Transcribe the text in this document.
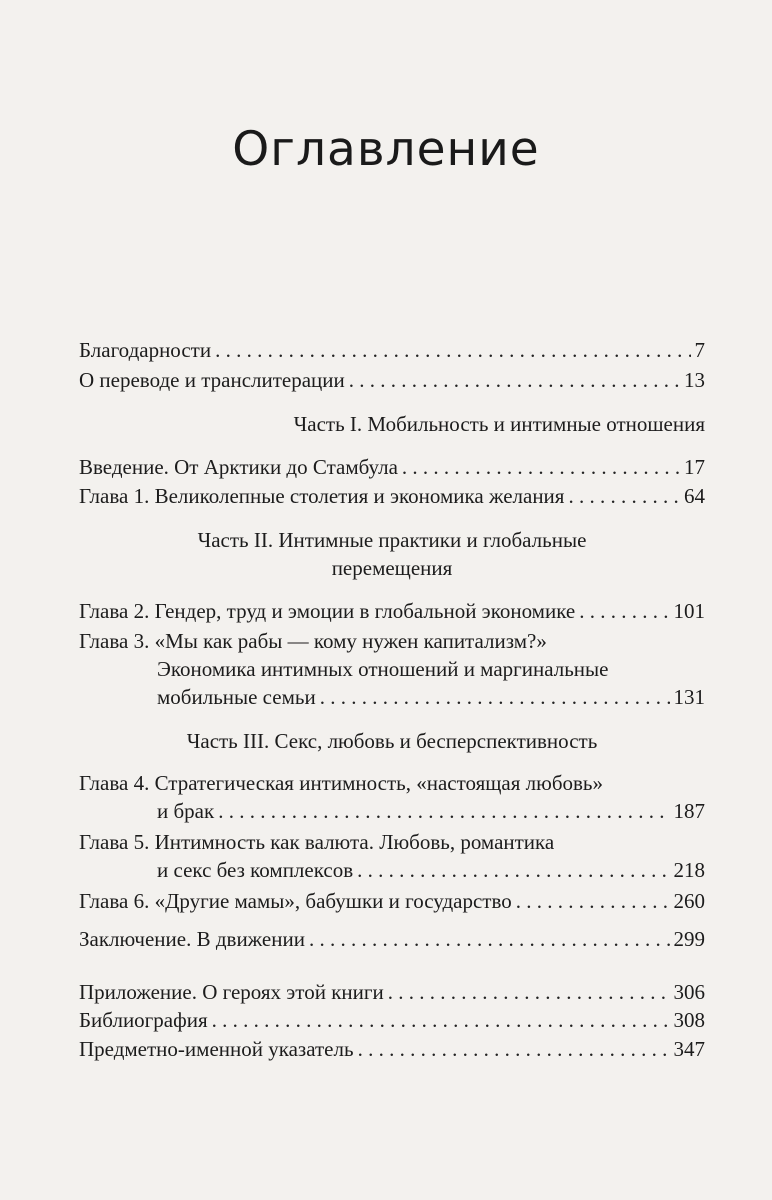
Оглавление
Благодарности . . .	7
О переводе и транслитерации . . .	13
Часть I. Мобильность и интимные отношения
Введение. От Арктики до Стамбула . . .	17
Глава 1. Великолепные столетия и экономика желания . . .	64
Часть II. Интимные практики и глобальные
перемещения
Глава 2. Гендер, труд и эмоции в глобальной экономике . . .	101
Глава 3. «Мы как рабы — кому нужен капитализм?»
Экономика интимных отношений и маргинальные
мобильные семьи . . .	131
Часть III. Секс, любовь и бесперспективность
Глава 4. Стратегическая интимность, «настоящая любовь»
и брак . . .	187
Глава 5. Интимность как валюта. Любовь, романтика
и секс без комплексов . . .	218
Глава 6. «Другие мамы», бабушки и государство . . .	260
Заключение. В движении . . .	299
Приложение. О героях этой книги . . .	306
Библиография . . .	308
Предметно-именной указатель . . .	347
